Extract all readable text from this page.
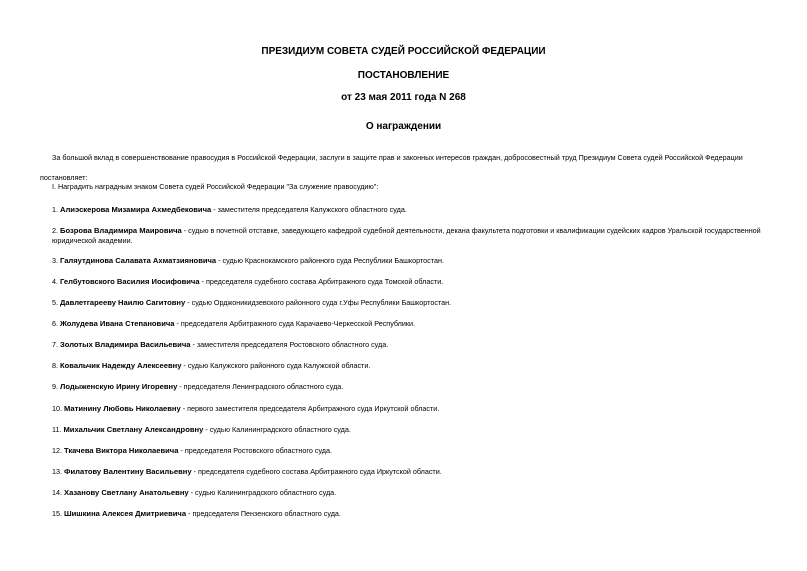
ПРЕЗИДИУМ СОВЕТА СУДЕЙ РОССИЙСКОЙ ФЕДЕРАЦИИ

ПОСТАНОВЛЕНИЕ

от 23 мая 2011 года N 268

О награждении

За большой вклад в совершенствование правосудия в Российской Федерации, заслуги в защите прав и законных интересов граждан, добросовестный труд Президиум Совета судей Российской Федерации

постановляет:

I. Наградить наградным знаком Совета судей Российской Федерации "За служение правосудию":

1. Алиэскерова Мизамира Ахмедбековича - заместителя председателя Калужского областного суда.
2. Бозрова Владимира Маировича - судью в почетной отставке, заведующего кафедрой судебной деятельности, декана факультета подготовки и квалификации судейских кадров Уральской государственной юридической академии.
3. Галяутдинова Салавата Ахматзияновича - судью Краснокамского районного суда Республики Башкортостан.
4. Гелбутовского Василия Иосифовича - председателя судебного состава Арбитражного суда Томской области.
5. Давлетгарееву Наилю Сагитовну - судью Орджоникидзевского районного суда г.Уфы Республики Башкортостан.
6. Жолудева Ивана Степановича - председателя Арбитражного суда Карачаево-Черкесской Республики.
7. Золотых Владимира Васильевича - заместителя председателя Ростовского областного суда.
8. Ковальчик Надежду Алексеевну - судью Калужского районного суда Калужской области.
9. Лодыженскую Ирину Игоревну - председателя Ленинградского областного суда.
10. Матинину Любовь Николаевну - первого заместителя председателя Арбитражного суда Иркутской области.
11. Михальчик Светлану Александровну - судью Калининградского областного суда.
12. Ткачева Виктора Николаевича - председателя Ростовского областного суда.
13. Филатову Валентину Васильевну - председателя судебного состава Арбитражного суда Иркутской области.
14. Хазанову Светлану Анатольевну - судью Калининградского областного суда.
15. Шишкина Алексея Дмитриевича - председателя Пензенского областного суда.
